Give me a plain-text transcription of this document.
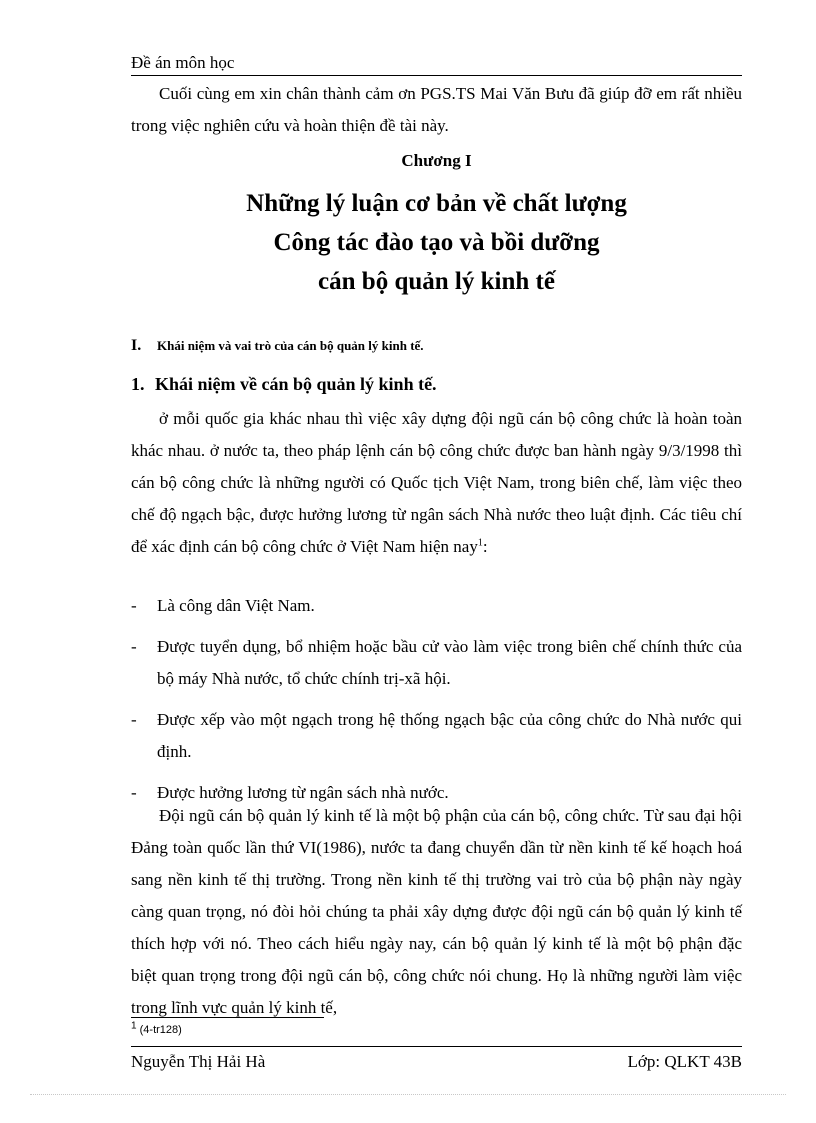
Đề án môn học
Cuối cùng em xin chân thành cảm ơn PGS.TS Mai Văn Bưu đã giúp đỡ em rất nhiều trong việc nghiên cứu và hoàn thiện đề tài này.
Chương I
Những lý luận cơ bản về chất lượng
Công tác đào tạo và bồi dưỡng
cán bộ quản lý kinh tế
I. Khái niệm và vai trò của cán bộ quản lý kinh tế.
1. Khái niệm về cán bộ quản lý kinh tế.
ở mỗi quốc gia khác nhau thì việc xây dựng đội ngũ cán bộ công chức là hoàn toàn khác nhau. ở nước ta, theo pháp lệnh cán bộ công chức được ban hành ngày 9/3/1998 thì cán bộ công chức là những người có Quốc tịch Việt Nam, trong biên chế, làm việc theo chế độ ngạch bậc, được hưởng lương từ ngân sách Nhà nước theo luật định. Các tiêu chí để xác định cán bộ công chức ở Việt Nam hiện nay$^1$:
-	Là công dân Việt Nam.
-	Được tuyển dụng, bổ nhiệm hoặc bầu cử vào làm việc trong biên chế chính thức của bộ máy Nhà nước, tổ chức chính trị-xã hội.
-	Được xếp vào một ngạch trong hệ thống ngạch bậc của công chức do Nhà nước qui định.
-	Được hưởng lương từ ngân sách nhà nước.
Đội ngũ cán bộ quản lý kinh tế là một bộ phận của cán bộ, công chức. Từ sau đại hội Đảng toàn quốc lần thứ VI(1986), nước ta đang chuyển dần từ nền kinh tế kế hoạch hoá sang nền kinh tế thị trường. Trong nền kinh tế thị trường vai trò của bộ phận này ngày càng quan trọng, nó đòi hỏi chúng ta phải xây dựng được đội ngũ cán bộ quản lý kinh tế thích hợp với nó. Theo cách hiểu ngày nay, cán bộ quản lý kinh tế là một bộ phận đặc biệt quan trọng trong đội ngũ cán bộ, công chức nói chung. Họ là những người làm việc trong lĩnh vực quản lý kinh tế,
$^1$ (4-tr128)
Nguyễn Thị Hải Hà	Lớp: QLKT 43B
